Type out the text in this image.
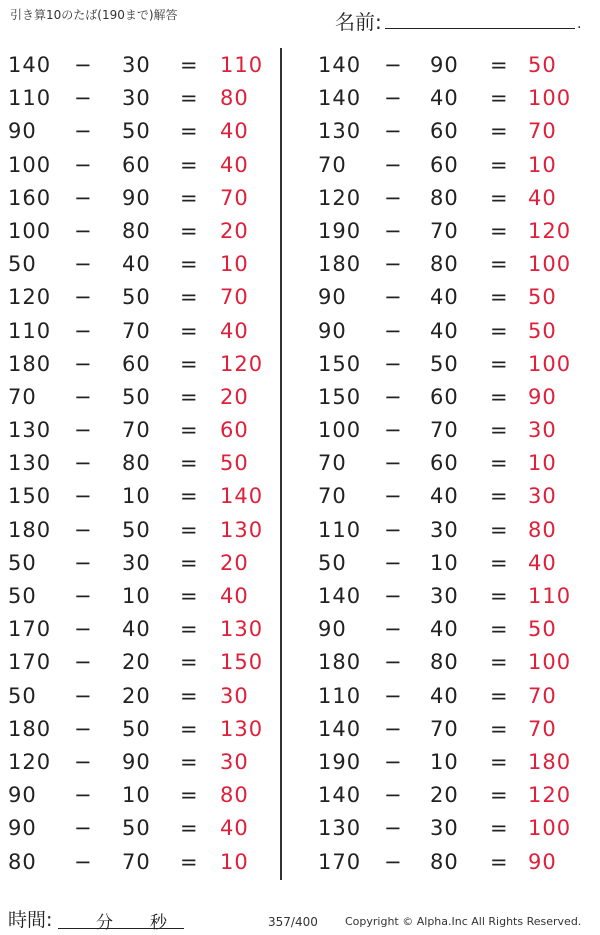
引き算10のたば(190まで)解答	名前:	.
140 − 30 = 110
110 − 30 = 80
90 − 50 = 40
100 − 60 = 40
160 − 90 = 70
100 − 80 = 20
50 − 40 = 10
120 − 50 = 70
110 − 70 = 40
180 − 60 = 120
70 − 50 = 20
130 − 70 = 60
130 − 80 = 50
150 − 10 = 140
180 − 50 = 130
50 − 30 = 20
50 − 10 = 40
170 − 40 = 130
170 − 20 = 150
50 − 20 = 30
180 − 50 = 130
120 − 90 = 30
90 − 10 = 80
90 − 50 = 40
80 − 70 = 10
140 − 90 = 50
140 − 40 = 100
130 − 60 = 70
70 − 60 = 10
120 − 80 = 40
190 − 70 = 120
180 − 80 = 100
90 − 40 = 50
90 − 40 = 50
150 − 50 = 100
150 − 60 = 90
100 − 70 = 30
70 − 60 = 10
70 − 40 = 30
110 − 30 = 80
50 − 10 = 40
140 − 30 = 110
90 − 40 = 50
180 − 80 = 100
110 − 40 = 70
140 − 70 = 70
190 − 10 = 180
140 − 20 = 120
130 − 30 = 100
170 − 80 = 90
時間:	分 秒	357/400 Copyright © Alpha.Inc All Rights Reserved.
